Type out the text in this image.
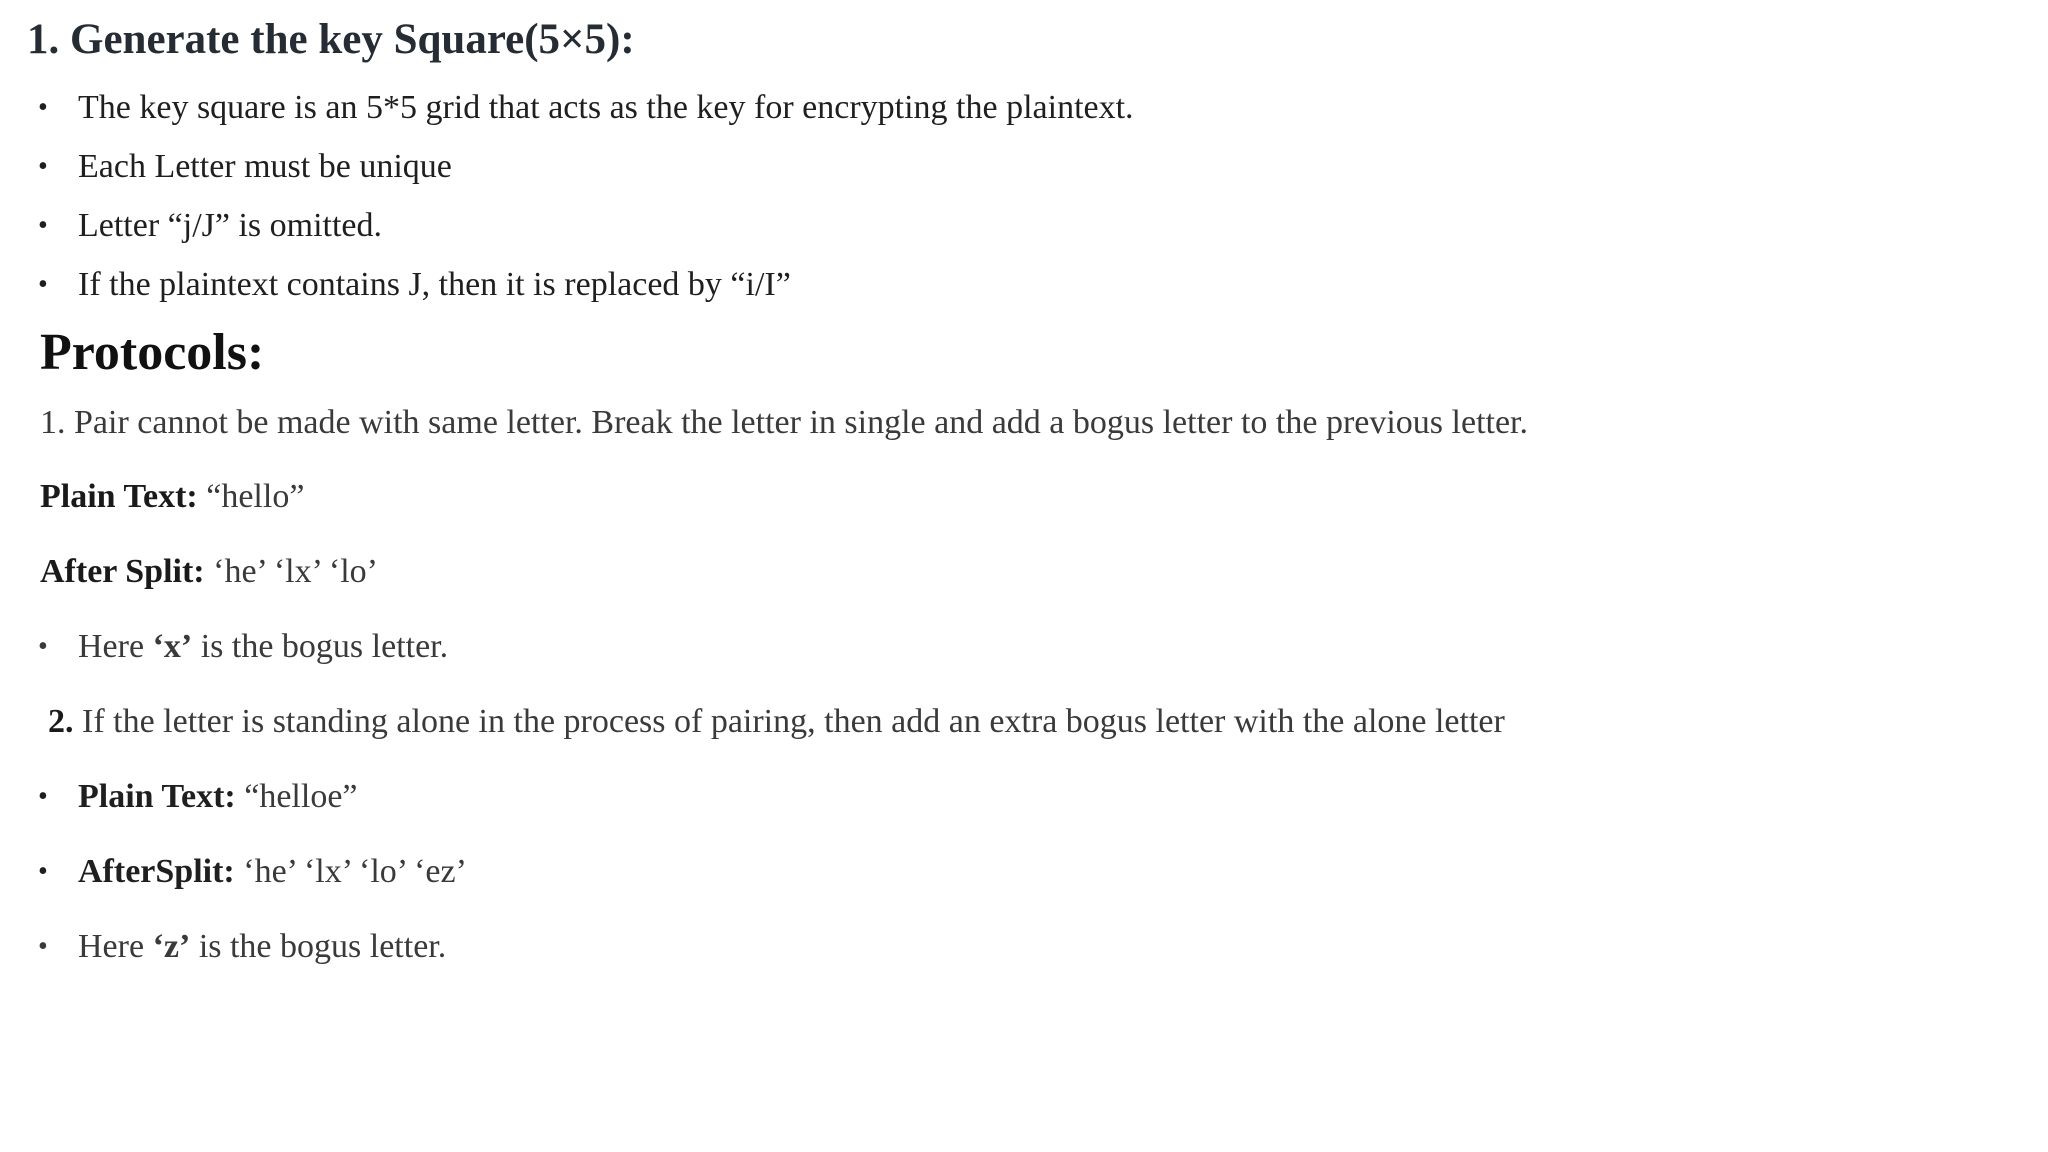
1. Generate the key Square(5×5):
• The key square is an 5*5 grid that acts as the key for encrypting the plaintext.
• Each Letter must be unique
• Letter “j/J” is omitted.
• If the plaintext contains J, then it is replaced by “i/I”
Protocols:
1. Pair cannot be made with same letter. Break the letter in single and add a bogus letter to the previous letter.
Plain Text: “hello”
After Split: ‘he’ ‘lx’ ‘lo’
• Here ‘x’ is the bogus letter.
2. If the letter is standing alone in the process of pairing, then add an extra bogus letter with the alone letter
• Plain Text: “helloe”
• AfterSplit: ‘he’ ‘lx’ ‘lo’ ‘ez’
• Here ‘z’ is the bogus letter.
